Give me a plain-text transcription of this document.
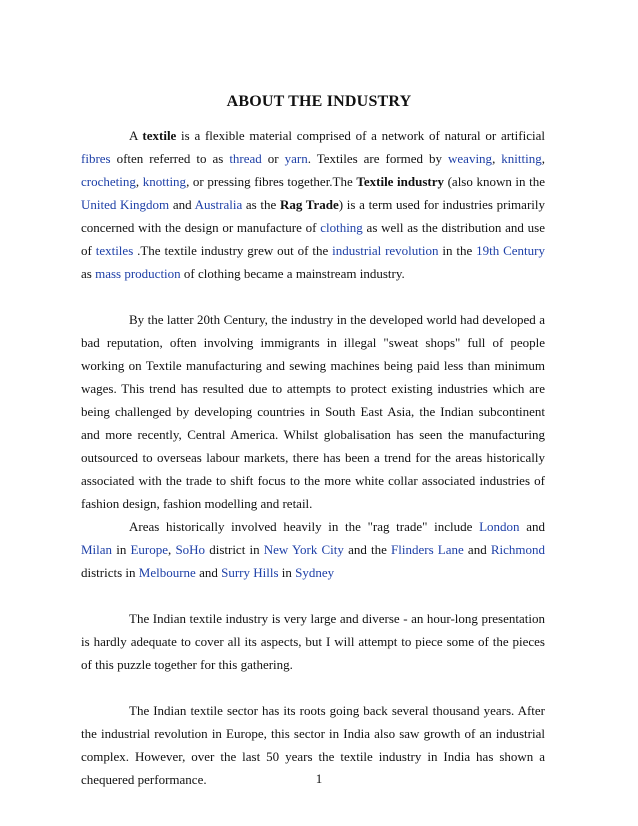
ABOUT THE INDUSTRY

A textile is a flexible material comprised of a network of natural or artificial fibres often referred to as thread or yarn. Textiles are formed by weaving, knitting, crocheting, knotting, or pressing fibres together.The Textile industry (also known in the United Kingdom and Australia as the Rag Trade) is a term used for industries primarily concerned with the design or manufacture of clothing as well as the distribution and use of textiles .The textile industry grew out of the industrial revolution in the 19th Century as mass production of clothing became a mainstream industry.

By the latter 20th Century, the industry in the developed world had developed a bad reputation, often involving immigrants in illegal "sweat shops" full of people working on Textile manufacturing and sewing machines being paid less than minimum wages. This trend has resulted due to attempts to protect existing industries which are being challenged by developing countries in South East Asia, the Indian subcontinent and more recently, Central America. Whilst globalisation has seen the manufacturing outsourced to overseas labour markets, there has been a trend for the areas historically associated with the trade to shift focus to the more white collar associated industries of fashion design, fashion modelling and retail.

Areas historically involved heavily in the "rag trade" include London and Milan in Europe, SoHo district in New York City and the Flinders Lane and Richmond districts in Melbourne and Surry Hills in Sydney

The Indian textile industry is very large and diverse - an hour-long presentation is hardly adequate to cover all its aspects, but I will attempt to piece some of the pieces of this puzzle together for this gathering.

The Indian textile sector has its roots going back several thousand years. After the industrial revolution in Europe, this sector in India also saw growth of an industrial complex. However, over the last 50 years the textile industry in India has shown a chequered performance.	1
